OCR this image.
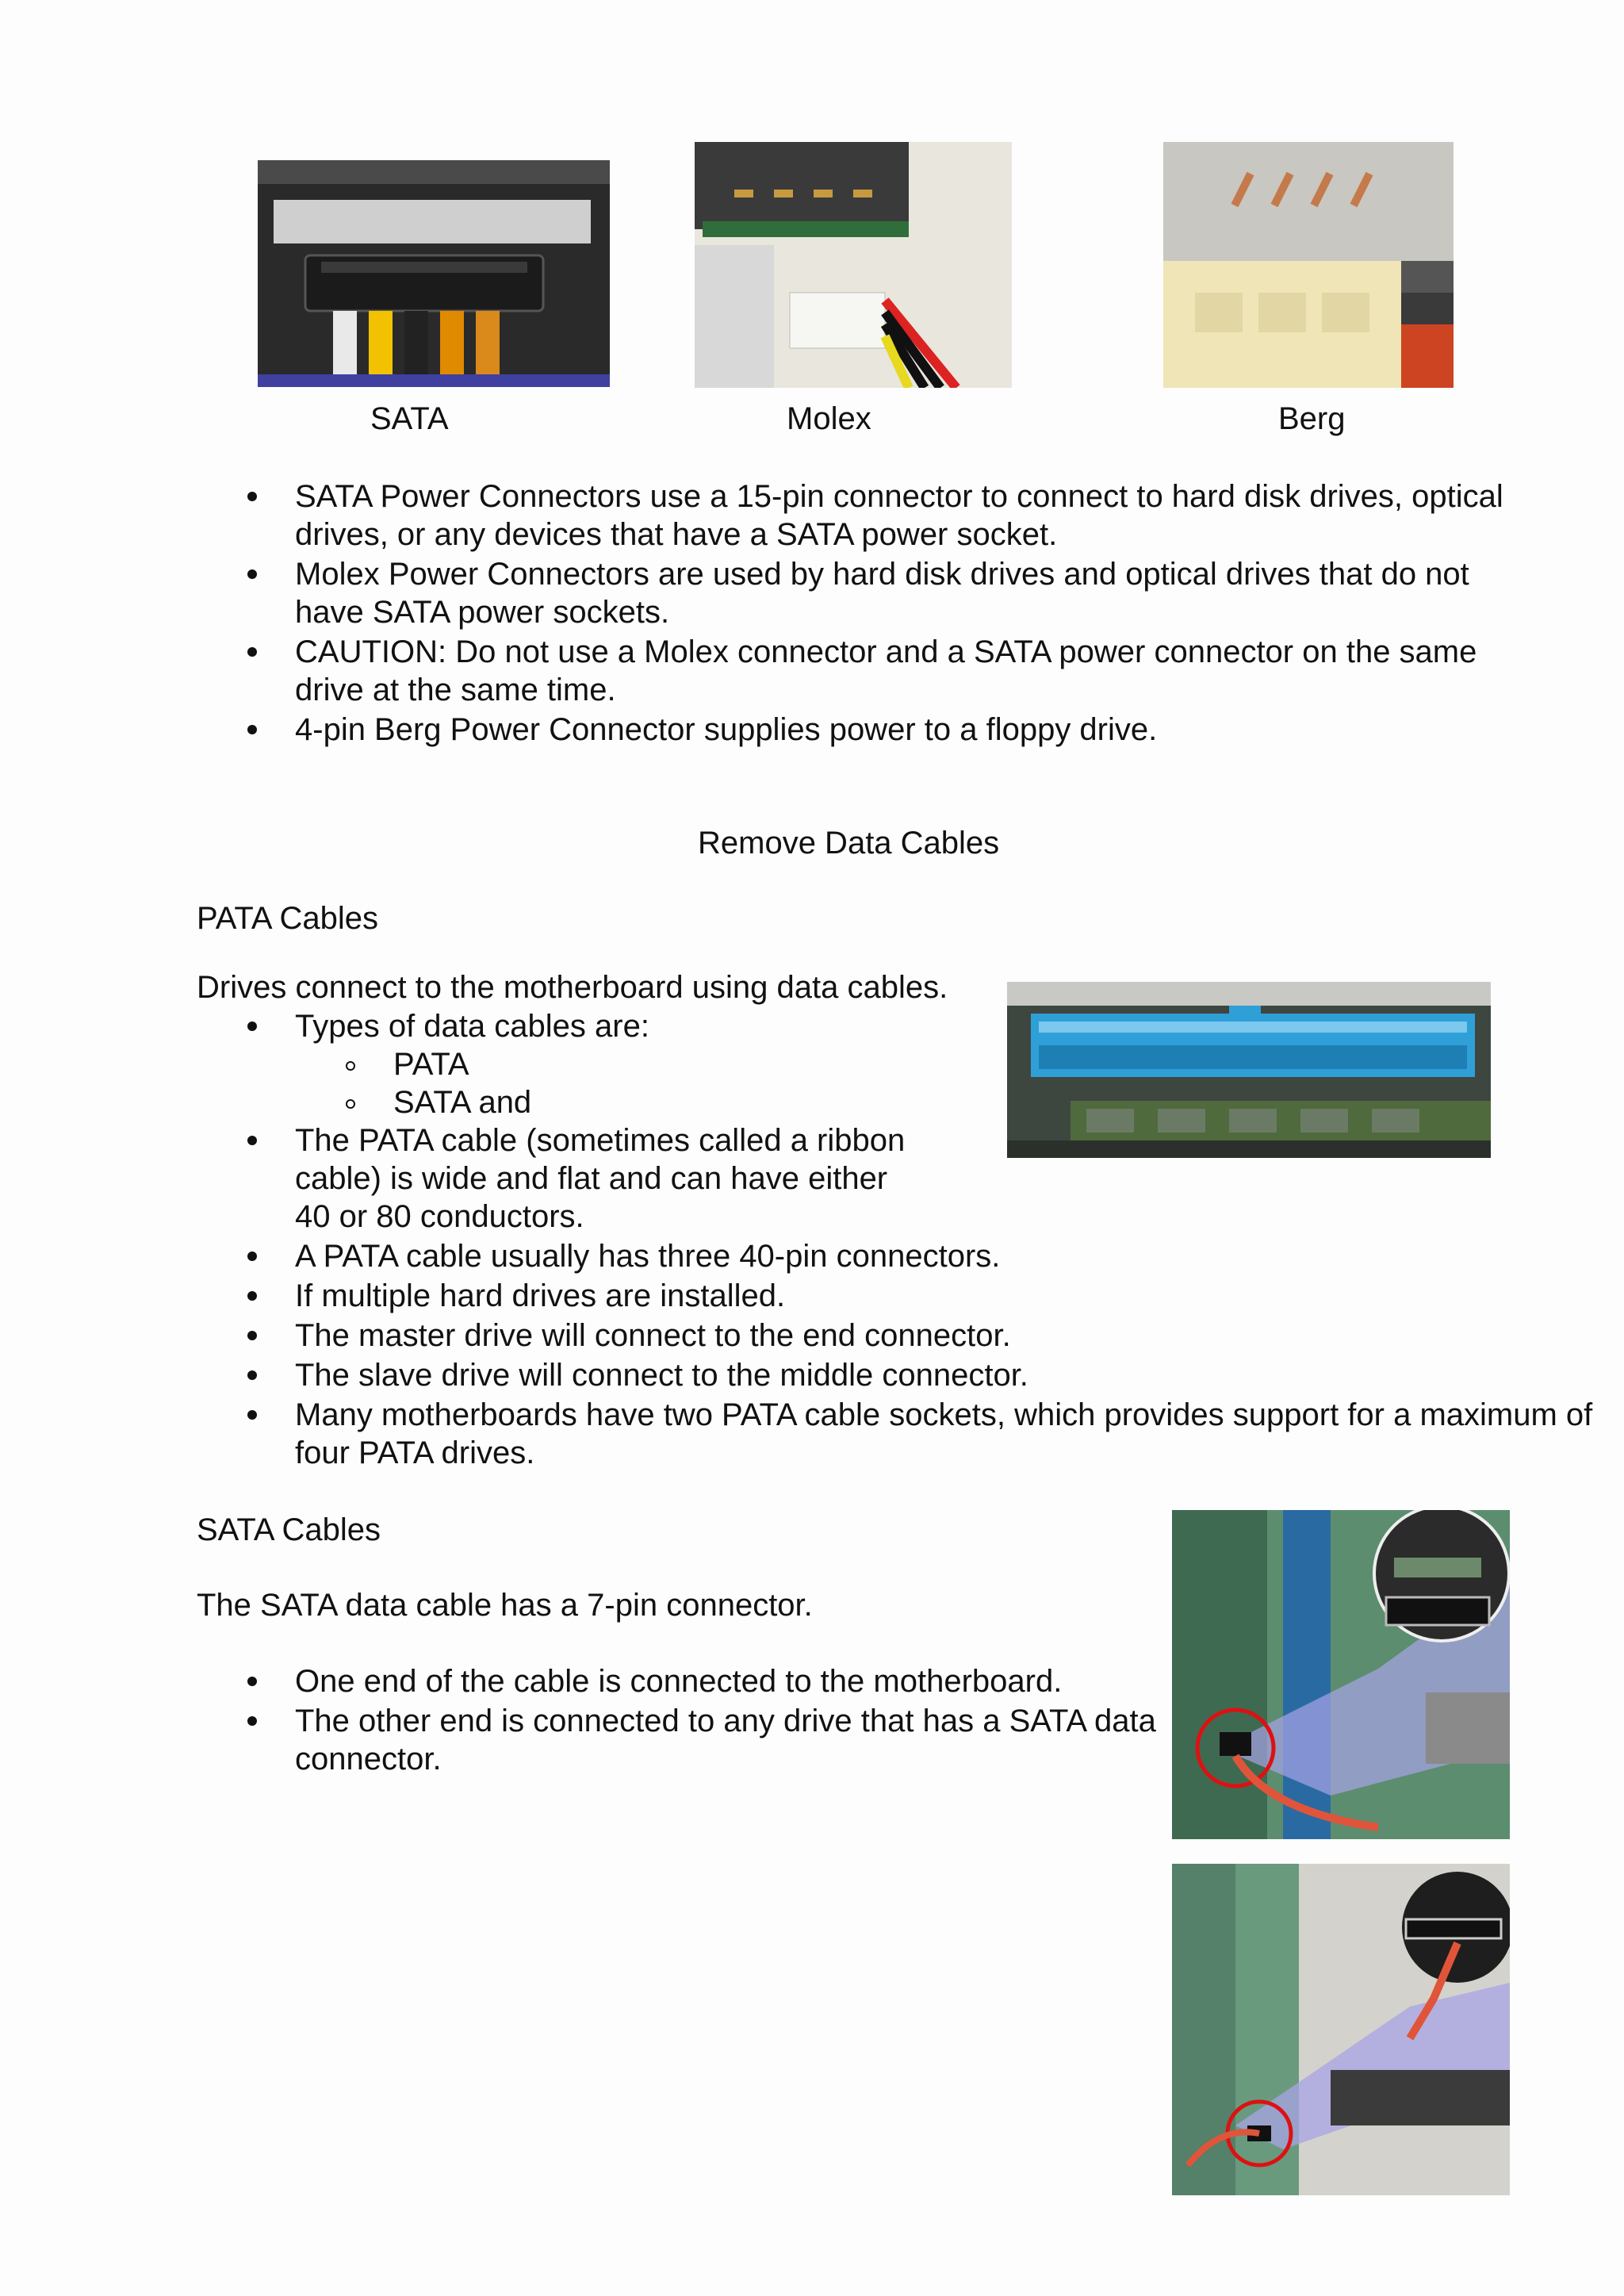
SATA	Molex	Berg
SATA Power Connectors use a 15-pin connector to connect to hard disk drives, optical drives, or any devices that have a SATA power socket.
Molex Power Connectors are used by hard disk drives and optical drives that do not have SATA power sockets.
CAUTION: Do not use a Molex connector and a SATA power connector on the same drive at the same time.
4-pin Berg Power Connector supplies power to a floppy drive.
Remove Data Cables
PATA Cables
Drives connect to the motherboard using data cables.
Types of data cables are:
PATA
SATA and
The PATA cable (sometimes called a ribbon cable) is wide and flat and can have either 40 or 80 conductors.
A PATA cable usually has three 40-pin connectors.
If multiple hard drives are installed.
The master drive will connect to the end connector.
The slave drive will connect to the middle connector.
Many motherboards have two PATA cable sockets, which provides support for a maximum of four PATA drives.
SATA Cables
The SATA data cable has a 7-pin connector.
One end of the cable is connected to the motherboard.
The other end is connected to any drive that has a SATA data connector.
